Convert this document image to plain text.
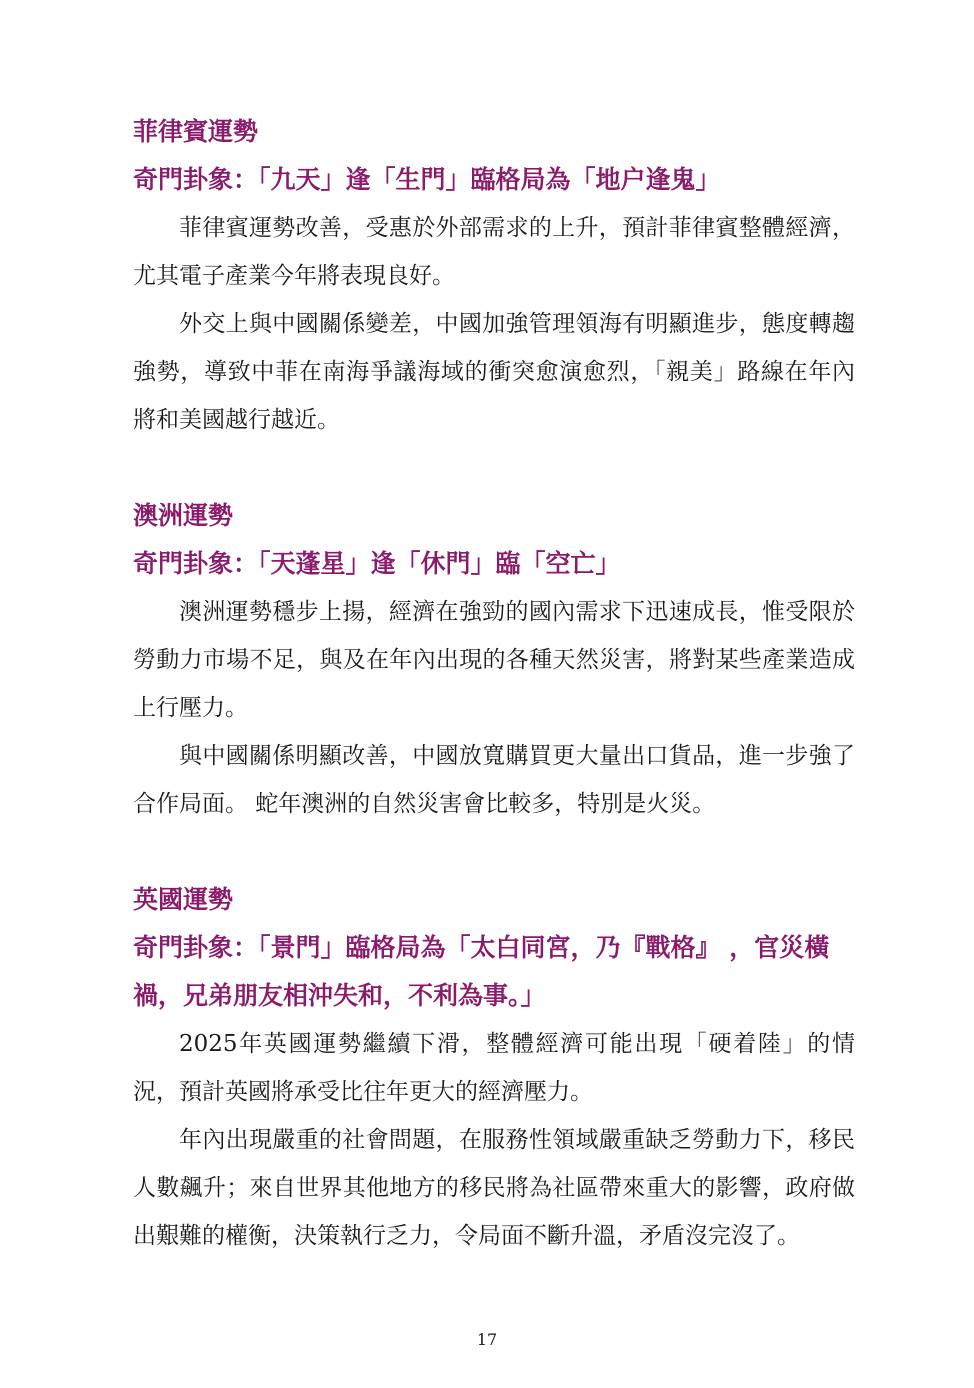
菲律賓運勢
奇門卦象：「九天」逢「生門」臨格局為「地户逢鬼」

菲律賓運勢改善，受惠於外部需求的上升，預計菲律賓整體經濟，尤其電子產業今年將表現良好。

外交上與中國關係變差，中國加強管理領海有明顯進步，態度轉趨強勢，導致中菲在南海爭議海域的衝突愈演愈烈，「親美」路線在年內將和美國越行越近。

澳洲運勢
奇門卦象：「天蓬星」逢「休門」臨「空亡」

澳洲運勢穩步上揚，經濟在強勁的國內需求下迅速成長，惟受限於勞動力市場不足，與及在年內出現的各種天然災害，將對某些產業造成上行壓力。

與中國關係明顯改善，中國放寬購買更大量出口貨品，進一步強了合作局面。 蛇年澳洲的自然災害會比較多，特別是火災。

英國運勢
奇門卦象：「景門」臨格局為「太白同宮，乃『戰格』 ，官災橫禍，兄弟朋友相沖失和，不利為事。」

2025年英國運勢繼續下滑，整體經濟可能出現「硬着陸」的情況，預計英國將承受比往年更大的經濟壓力。

年內出現嚴重的社會問題，在服務性領域嚴重缺乏勞動力下，移民人數飆升；來自世界其他地方的移民將為社區帶來重大的影響，政府做出艱難的權衡，決策執行乏力，令局面不斷升溫，矛盾沒完沒了。

17
